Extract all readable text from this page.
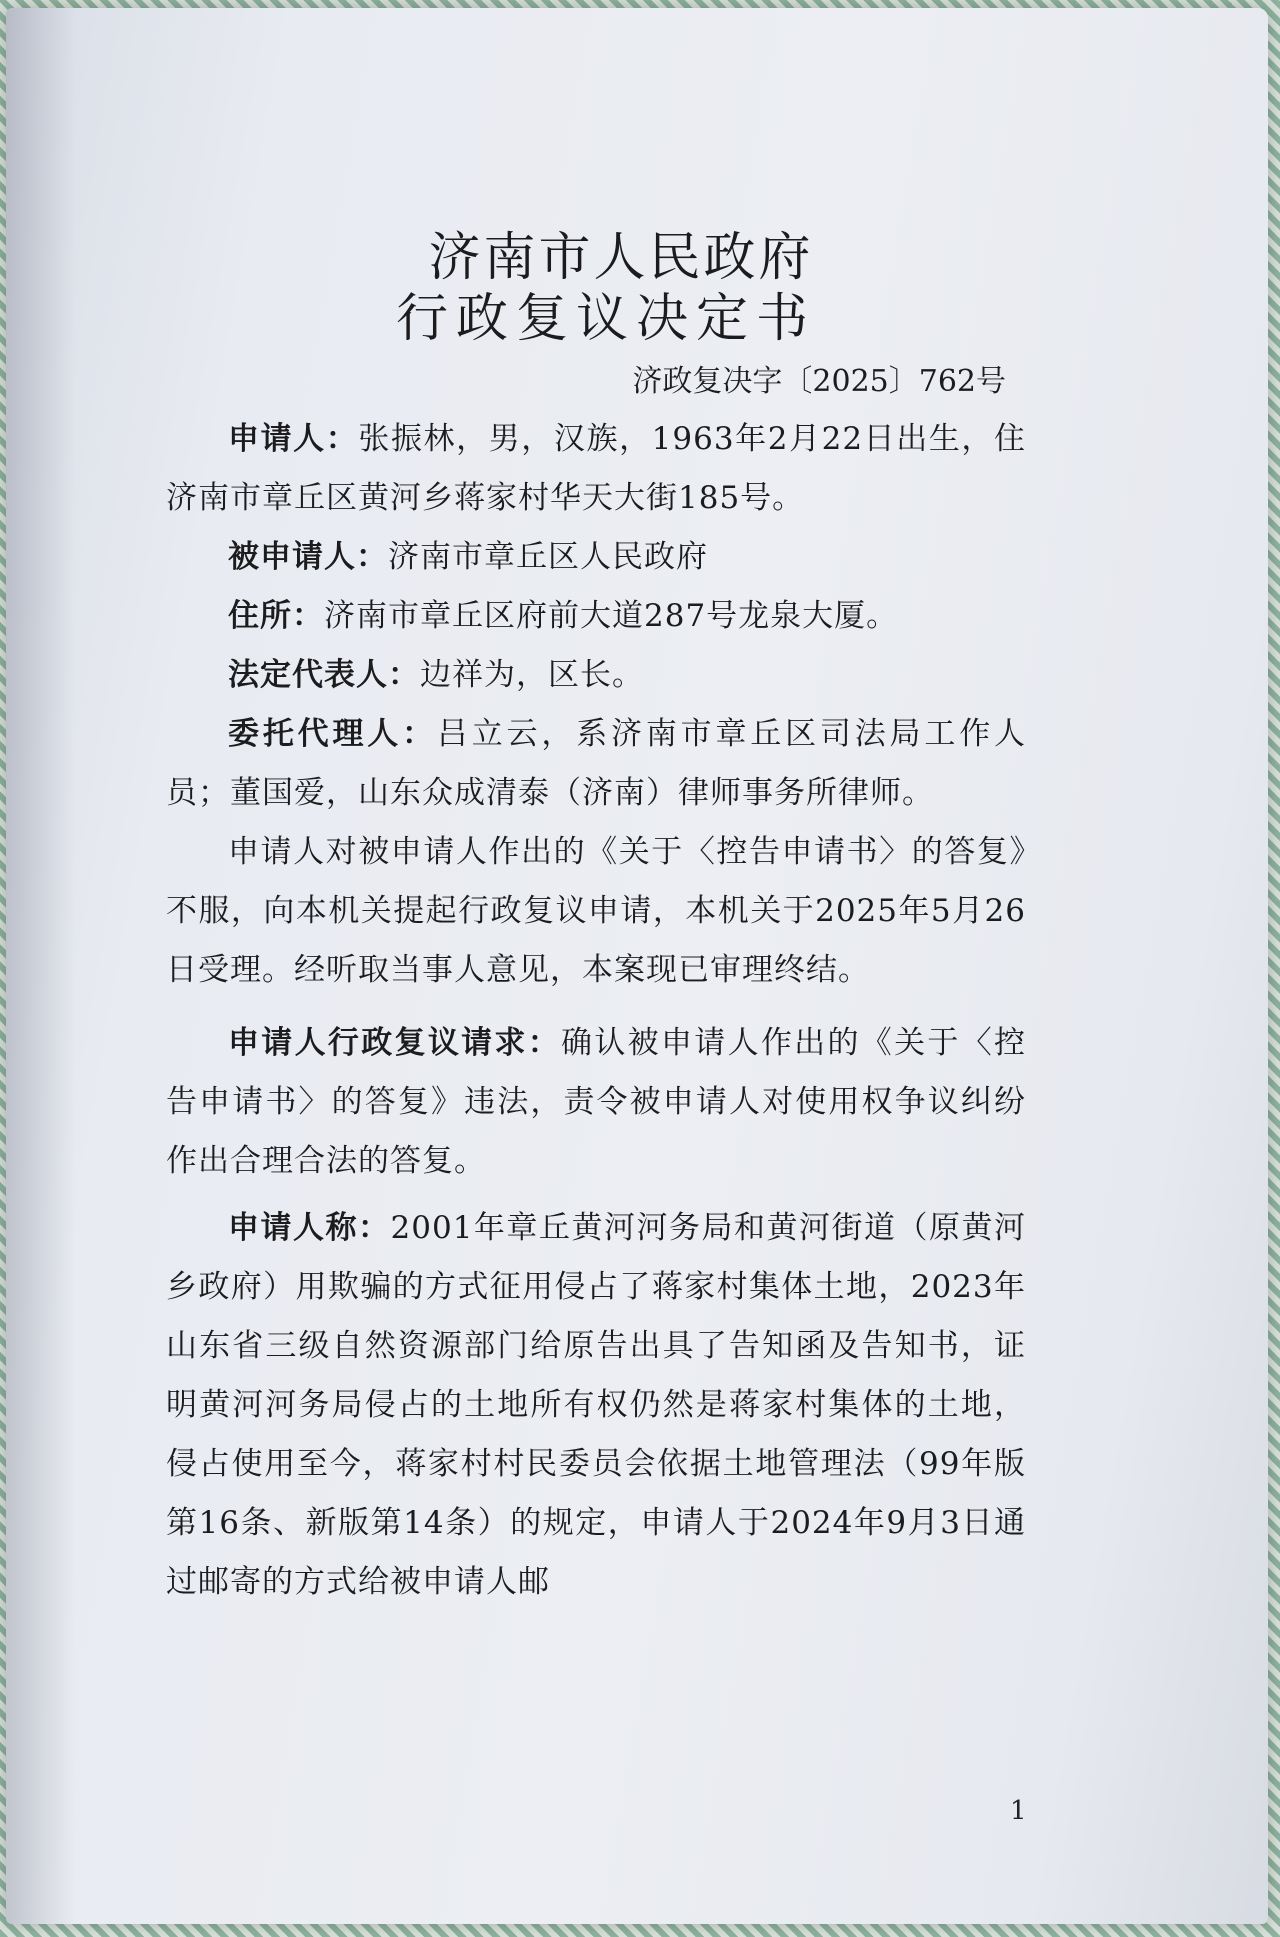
济南市人民政府
行政复议决定书
济政复决字〔2025〕762号

申请人：张振林，男，汉族，1963年2月22日出生，住济南市章丘区黄河乡蒋家村华天大街185号。

被申请人：济南市章丘区人民政府

住所：济南市章丘区府前大道287号龙泉大厦。

法定代表人：边祥为，区长。

委托代理人：吕立云，系济南市章丘区司法局工作人员；董国爱，山东众成清泰（济南）律师事务所律师。

申请人对被申请人作出的《关于〈控告申请书〉的答复》不服，向本机关提起行政复议申请，本机关于2025年5月26日受理。经听取当事人意见，本案现已审理终结。

申请人行政复议请求：确认被申请人作出的《关于〈控告申请书〉的答复》违法，责令被申请人对使用权争议纠纷作出合理合法的答复。

申请人称：2001年章丘黄河河务局和黄河街道（原黄河乡政府）用欺骗的方式征用侵占了蒋家村集体土地，2023年山东省三级自然资源部门给原告出具了告知函及告知书，证明黄河河务局侵占的土地所有权仍然是蒋家村集体的土地，侵占使用至今，蒋家村村民委员会依据土地管理法（99年版第16条、新版第14条）的规定，申请人于2024年9月3日通过邮寄的方式给被申请人邮

1
